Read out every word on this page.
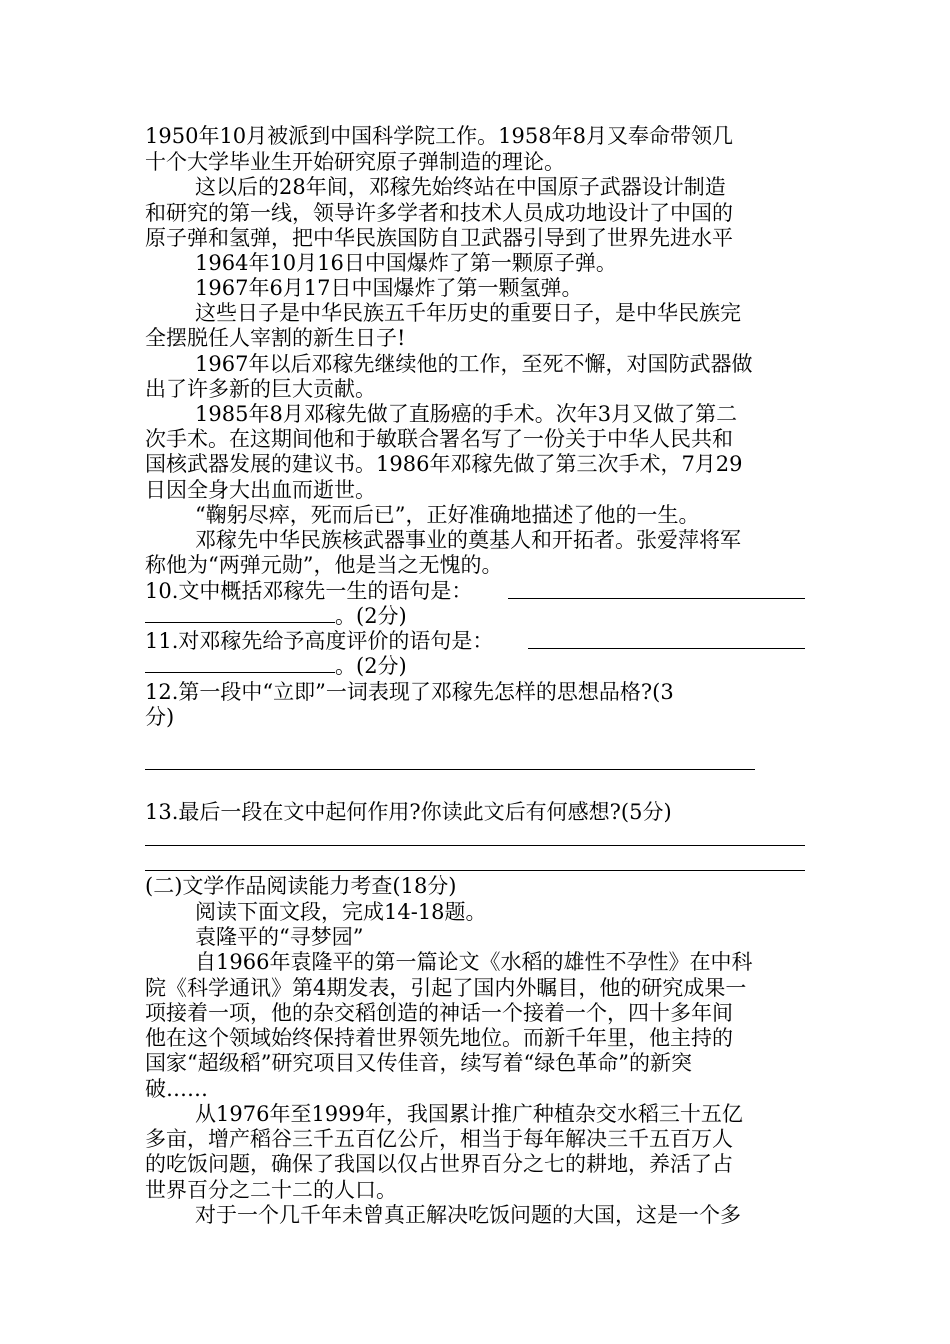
1950年10月被派到中国科学院工作。1958年8月又奉命带领几
十个大学毕业生开始研究原子弹制造的理论。
这以后的28年间，邓稼先始终站在中国原子武器设计制造
和研究的第一线，领导许多学者和技术人员成功地设计了中国的
原子弹和氢弹，把中华民族国防自卫武器引导到了世界先进水平
1964年10月16日中国爆炸了第一颗原子弹。
1967年6月17日中国爆炸了第一颗氢弹。
这些日子是中华民族五千年历史的重要日子，是中华民族完
全摆脱任人宰割的新生日子!
1967年以后邓稼先继续他的工作，至死不懈，对国防武器做
出了许多新的巨大贡献。
1985年8月邓稼先做了直肠癌的手术。次年3月又做了第二
次手术。在这期间他和于敏联合署名写了一份关于中华人民共和
国核武器发展的建议书。1986年邓稼先做了第三次手术，7月29
日因全身大出血而逝世。
“鞠躬尽瘁，死而后已”，正好准确地描述了他的一生。
邓稼先中华民族核武器事业的奠基人和开拓者。张爱萍将军
称他为“两弹元勋”，他是当之无愧的。
10.文中概括邓稼先一生的语句是：
。(2分)
11.对邓稼先给予高度评价的语句是：
。(2分)
12.第一段中“立即”一词表现了邓稼先怎样的思想品格?(3
分)
13.最后一段在文中起何作用?你读此文后有何感想?(5分)
(二)文学作品阅读能力考查(18分)
阅读下面文段，完成14-18题。
袁隆平的“寻梦园”
自1966年袁隆平的第一篇论文《水稻的雄性不孕性》在中科
院《科学通讯》第4期发表，引起了国内外瞩目，他的研究成果一
项接着一项，他的杂交稻创造的神话一个接着一个，四十多年间
他在这个领域始终保持着世界领先地位。而新千年里，他主持的
国家“超级稻”研究项目又传佳音，续写着“绿色革命”的新突
破……
从1976年至1999年，我国累计推广种植杂交水稻三十五亿
多亩，增产稻谷三千五百亿公斤，相当于每年解决三千五百万人
的吃饭问题，确保了我国以仅占世界百分之七的耕地，养活了占
世界百分之二十二的人口。
对于一个几千年未曾真正解决吃饭问题的大国，这是一个多
